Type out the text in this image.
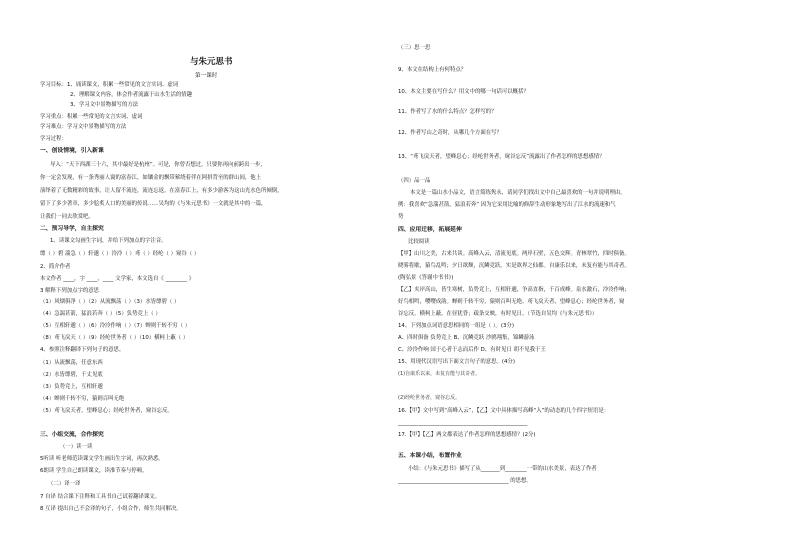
与朱元思书
第一课时
学习目标：1、诵读课文，积累一些常见的文言实词、虚词
2、理解课文内容，体会作者流露于山水生活的情趣
3、学习文中景物描写的方法
学习重点：积累一些常见的文言实词、虚词
学习难点：学习文中景物描写的方法
学习过程：
一、创设情境，引入新课
导入：“天下西湖三十六，其中最好是杭州”。可是，你曾否想过，只要你再向前跨出一步，
你一定会发现，有一条秀丽人寰的富春江，如镶金的飘带萦绕着伴在阿拼背至的群山间，他上
演绎着了无数精彩的故事，让人留不流连，流连忘返。在富春江上，有多少游客为这山光水色所倾倒，
留下了多少著章，多少脍炙人口的美丽的传说……吴均的《与朱元思书》一文就是其中的一篇，
让我们一同去欣赏吧。
二、预习导学，自主探究
1、读课文勾画生字词，并给下列加点的字注音。
缥（ ）碧 湍急（ ）轩邈（ ）泠泠（ ）鸢（ ）经纶（ ）窥谷（ ）
2、简介作者
本文作者 ____，字 ____，____ 文学家，本文选自《 ________ 》
3 解释下列加点字的意思
（1）风烟俱净（ ）（2）从流飘荡（ ）（3）水皆缥碧（ ）
（4）急湍甚箭，猛浪若奔（ ）（5）负势竞上（ ）
（5）互相轩邈（ ）（6）泠泠作响（ ）（7）蝉则千转不穷（ ）
（8）鸢飞戾天（ ）（9）经纶世务者（ ）（10）横柯上蔽（ ）
4、参照注释翻译下列句子的意思。
（1）从流飘荡，任意东西
（2）水皆缥碧，千丈见底
（3）负势竞上，互相轩邈
（4）蝉则千转不穷，猿则百叫无绝
（5）鸢飞戾天者，望峰息心；经纶世务者，窥谷忘反。
三、小组交流，合作探究
（一）读一读
5听读 听老师范读课文学生画出生字词，再次熟悉。
6朗读 学生自己朗读课文，读准节奏与停顿。
（二）译一译
7 自译 结合课下注释和工具书自己试着翻译课文。
8 互译 提出自己不会译的句子，小组合作，师生共同解决。
（三）思一思
9、本文在结构上有何特点？
10、本文主要在写什么？用文中的哪一句话可以概括？
11、作者写了水的什么特点？怎样写的？
12、作者写山之奇时，从哪几个方面在写？
13、“鸢飞戾天者，望峰息心；经纶世务者，窥谷忘反”流露出了作者怎样的思想感情？
（四）品一品
本文是一篇山水小品文，语言简练隽永，请同学们找出文中自己最喜欢的一句并说明理由。
例：我喜欢“急湍甚箭，猛浪若奔” 因为它采用比喻的修辞生动形象地写出了江水的流速和气
势
四、应用迁移，拓展延伸
比较阅读
【甲】山川之美，古来共谈。高峰入云，清流见底。两岸石壁，五色交辉。青林翠竹，四时俱备。
晓雾将歇，猿鸟乱鸣；夕日欲颓，沉鳞竞跃。实是欲界之仙都。自康乐以来，未复有能与其奇者。
(陶弘景《答谢中书书》)
【乙】夹岸高山，皆生寒树，负势竞上，互相轩邈，争高直指，千百成峰。泉水激石，泠泠作响；
好鸟相鸣，嘤嘤成韵。蝉则千转不穷，猿则百叫无绝。鸢飞戾天者，望峰息心；经纶世务者，窥
谷忘反。横柯上蔽，在昼犹昏；疏条交映，有时见日。（节选自吴均《与朱元思书》）
14、下列加点词语意思相同的一组是（ ）。(3分)
A、四时俱备 负势竞上 B、沉鳞竞跃 沙鸥翔集，锦鳞游泳
C、泠泠作响 国于心者于志而后作 D、有时见日 胡不见我于王
15、用现代汉语写出下面文言句子的意思。(4分)
(1)自康乐以来，未复有能与其奇者。
(2)经纶世务者，窥谷忘反。
16.【甲】文中写到“高峰入云”，【乙】文中具体描写高峰“入”的动态的几个四字短语是：
________________________________________________
17.【甲】【乙】两文都表达了作者怎样的思想感情？(2分)
五、本课小结，布置作业
小结：《与朱元思书》描写了从_______到________一带的山水美景，表达了作者
_________________________________________ 的思想。
